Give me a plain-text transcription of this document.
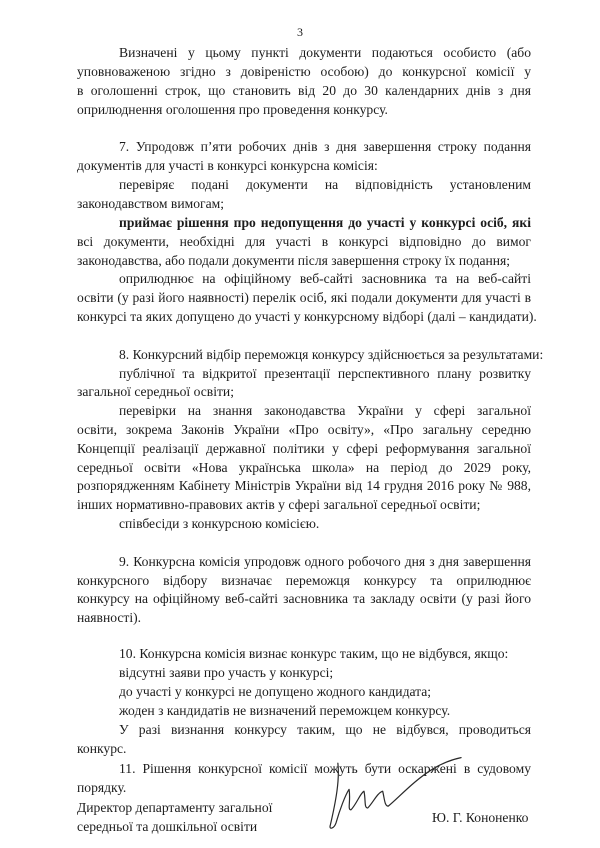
3
Визначені у цьому пункті документи подаються особисто (або
уповноваженою згідно з довіреністю особою) до конкурсної комісії у
в оголошенні строк, що становить від 20 до 30 календарних днів з дня
оприлюднення оголошення про проведення конкурсу.
7. Упродовж п’яти робочих днів з дня завершення строку подання
документів для участі в конкурсі конкурсна комісія:
перевіряє подані документи на відповідність установленим
законодавством вимогам;
приймає рішення про недопущення до участі у конкурсі осіб, які
всі документи, необхідні для участі в конкурсі відповідно до вимог
законодавства, або подали документи після завершення строку їх подання;
оприлюднює на офіційному веб-сайті засновника та на веб-сайті
освіти (у разі його наявності) перелік осіб, які подали документи для участі в
конкурсі та яких допущено до участі у конкурсному відборі (далі – кандидати).
8. Конкурсний відбір переможця конкурсу здійснюється за результатами:
публічної та відкритої презентації перспективного плану розвитку
загальної середньої освіти;
перевірки на знання законодавства України у сфері загальної
освіти, зокрема Законів України «Про освіту», «Про загальну середню
Концепції реалізації державної політики у сфері реформування загальної
середньої освіти «Нова українська школа» на період до 2029 року,
розпорядженням Кабінету Міністрів України від 14 грудня 2016 року № 988,
інших нормативно-правових актів у сфері загальної середньої освіти;
співбесіди з конкурсною комісією.
9. Конкурсна комісія упродовж одного робочого дня з дня завершення
конкурсного відбору визначає переможця конкурсу та оприлюднює
конкурсу на офіційному веб-сайті засновника та закладу освіти (у разі його
наявності).
10. Конкурсна комісія визнає конкурс таким, що не відбувся, якщо:
відсутні заяви про участь у конкурсі;
до участі у конкурсі не допущено жодного кандидата;
жоден з кандидатів не визначений переможцем конкурсу.
У разі визнання конкурсу таким, що не відбувся, проводиться
конкурс.
11. Рішення конкурсної комісії можуть бути оскаржені в судовому
порядку.
Директор департаменту загальної
середньої та дошкільної освіти
Ю. Г. Кононенко
